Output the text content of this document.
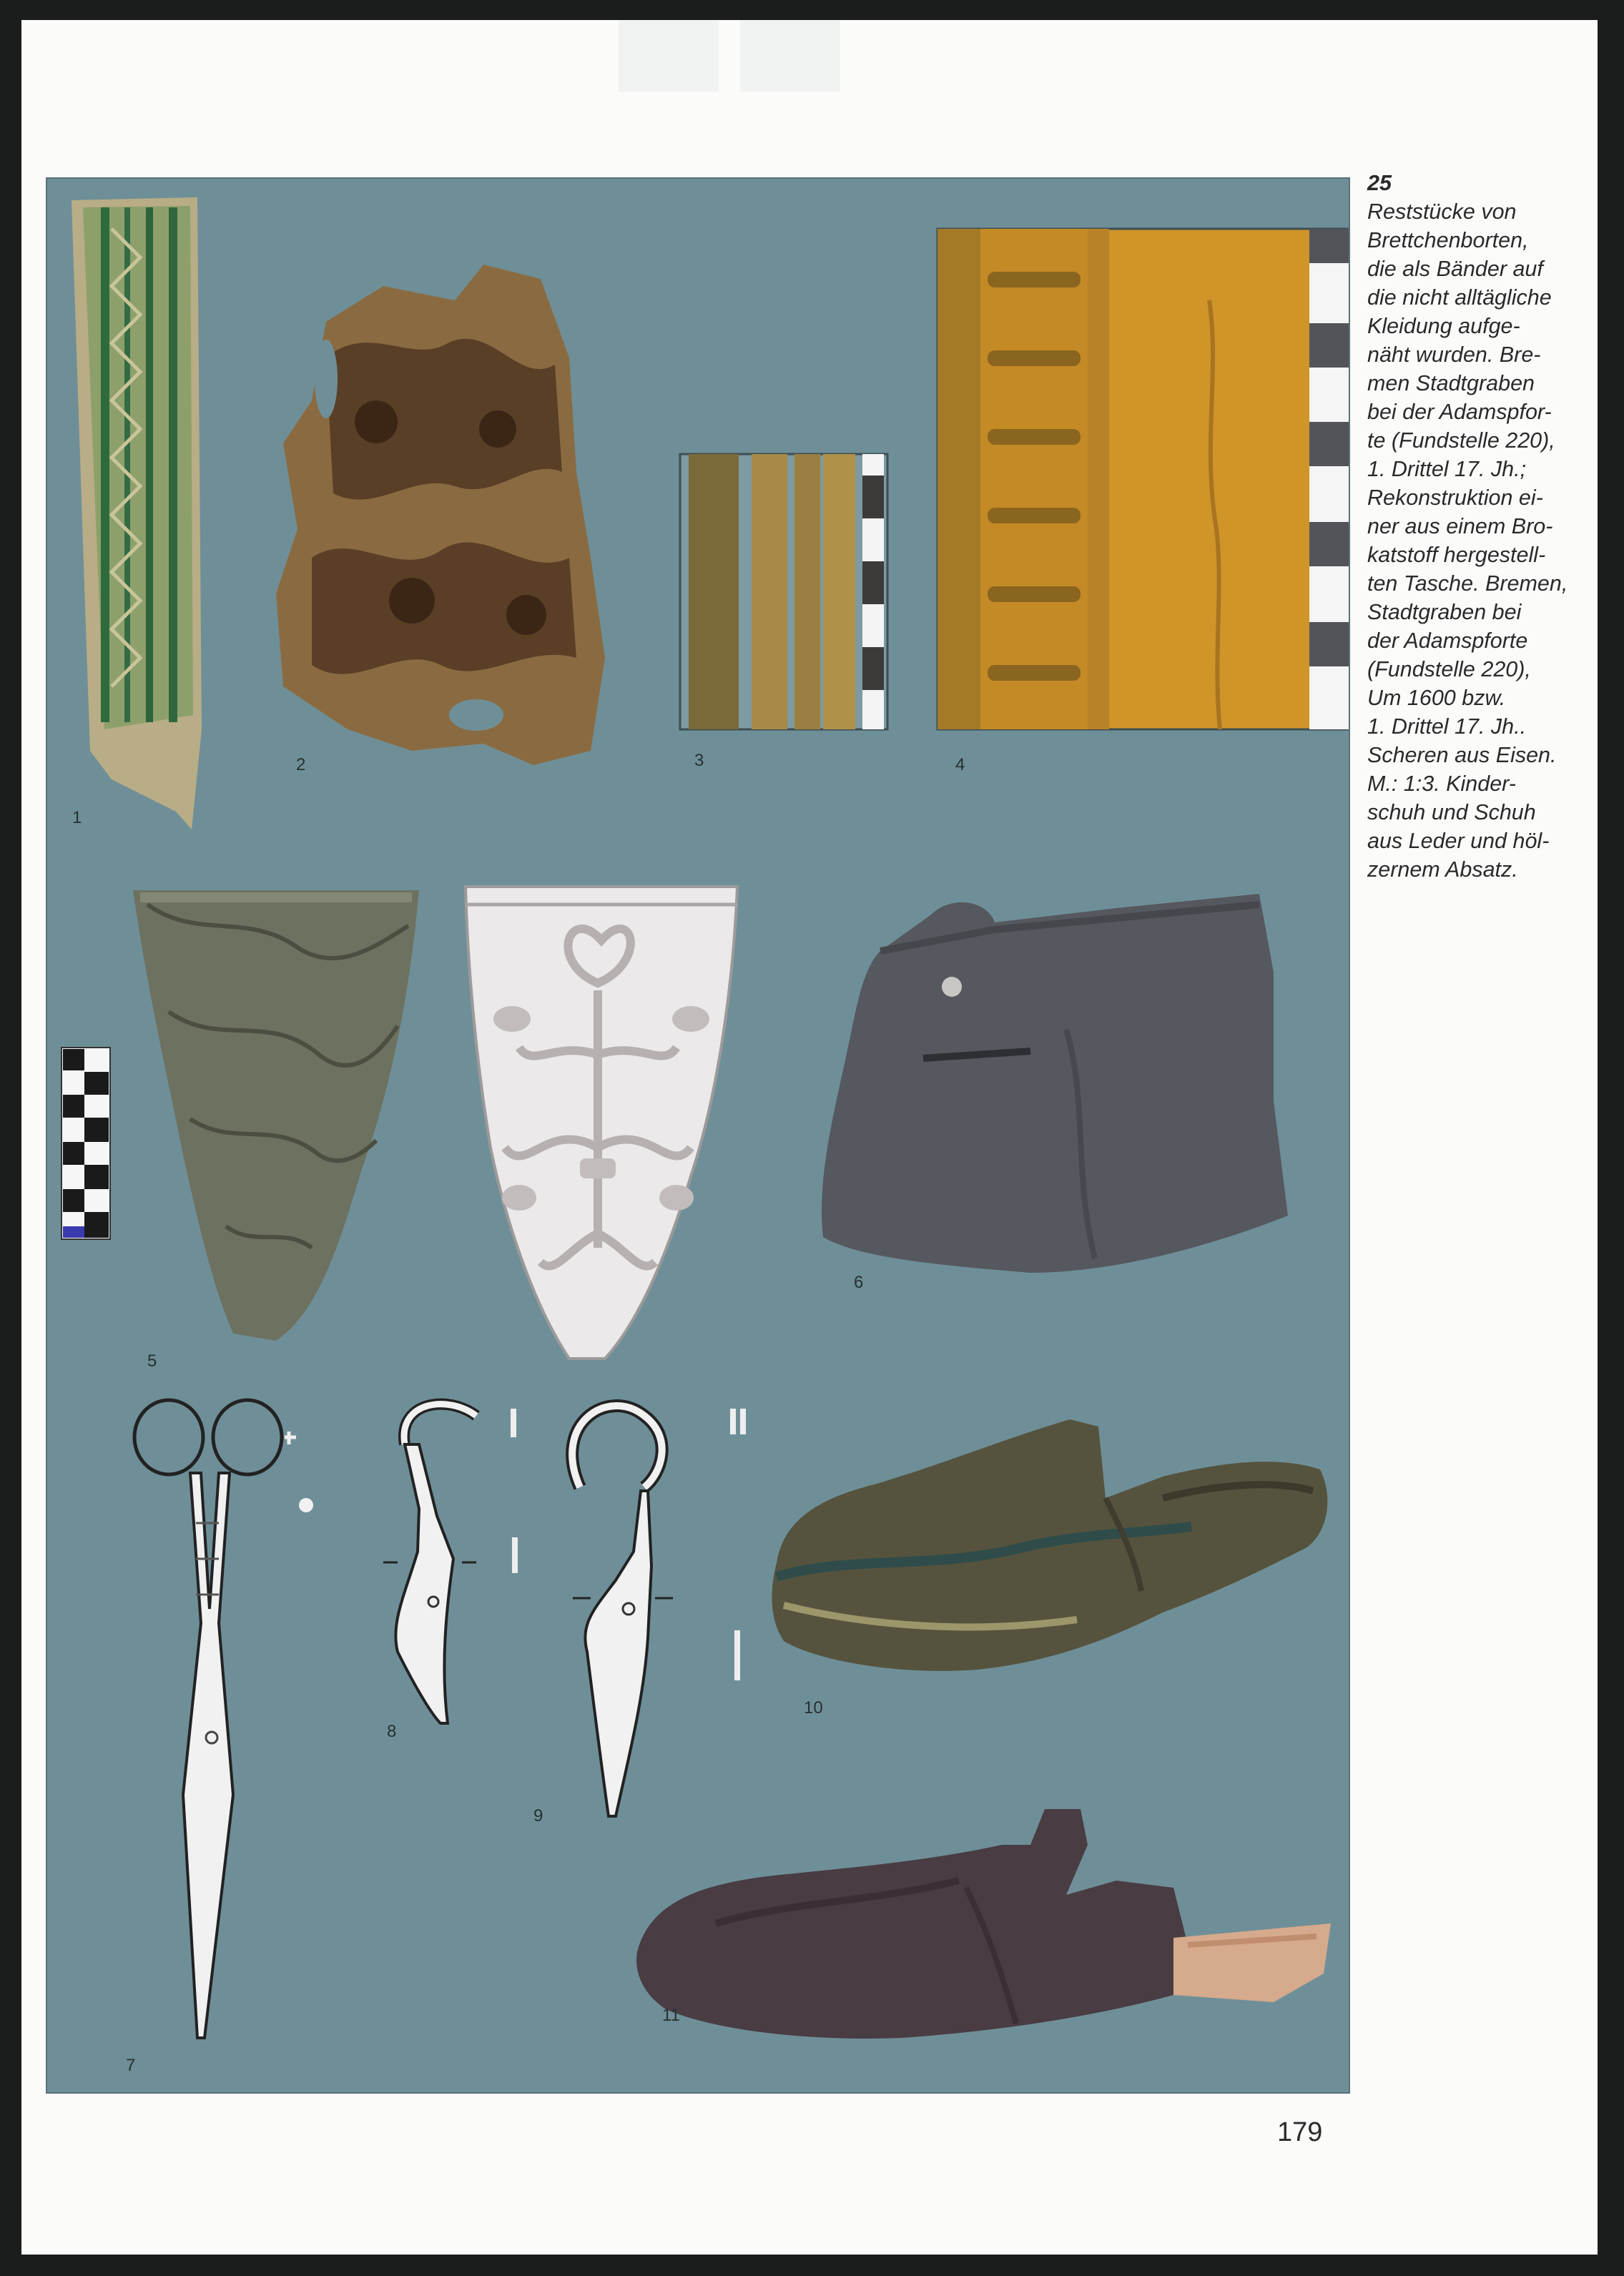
1
2	3	4
5
6
7
8
9
10
11
25
Reststücke von
Brettchenborten,
die als Bänder auf
die nicht alltägliche
Kleidung aufge-
näht wurden. Bre-
men Stadtgraben
bei der Adamspfor-
te (Fundstelle 220),
1. Drittel 17. Jh.;
Rekonstruktion ei-
ner aus einem Bro-
katstoff hergestell-
ten Tasche. Bremen,
Stadtgraben bei
der Adamspforte
(Fundstelle 220),
Um 1600 bzw.
1. Drittel 17. Jh..
Scheren aus Eisen.
M.: 1:3. Kinder-
schuh und Schuh
aus Leder und höl-
zernem Absatz.
179
